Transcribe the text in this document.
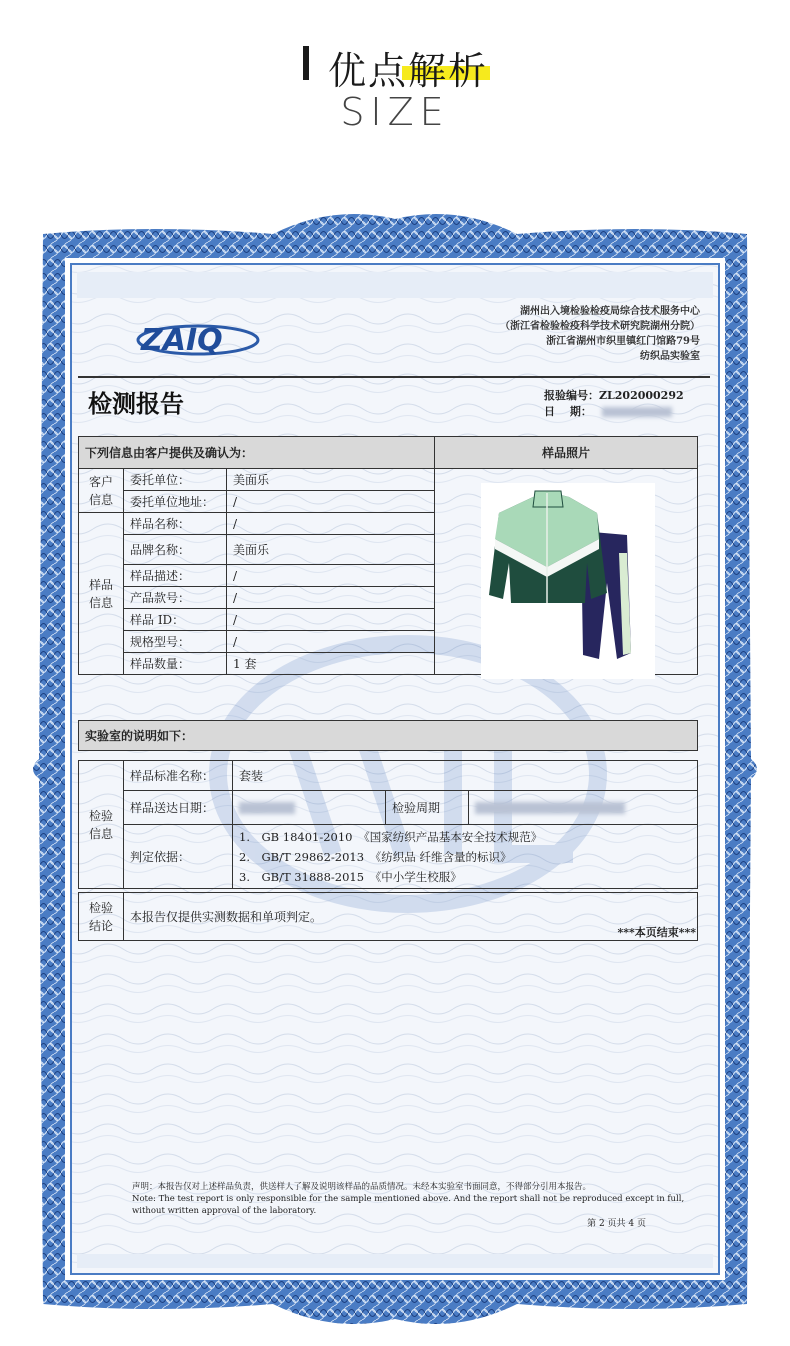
优点解析
SIZE
ZAIQ
湖州出入境检验检疫局综合技术服务中心
（浙江省检验检疫科学技术研究院湖州分院）
浙江省湖州市织里镇红门馆路79号
纺织品实验室
检测报告	报验编号：ZL202000292
日　 期：
下列信息由客户提供及确认为：			样品照片
客户
信息	委托单位：	美面乐	
	委托单位地址：	/	
样品
信息	样品名称：	/	
	品牌名称：	美面乐	
	样品描述：	/	
	产品款号：	/	
	样品 ID：	/	
	规格型号：	/	
	样品数量：	1 套	
实验室的说明如下：				

检验
信息	样品标准名称：	套装		
	样品送达日期：		检验周期	
	判定依据：	1.　GB 18401-2010　《国家纺织产品基本安全技术规范》
2.　GB/T 29862-2013　《纺织品 纤维含量的标识》
3.　GB/T 31888-2015　《中小学生校服》		

检验
结论	本报告仅提供实测数据和单项判定。			
***本页结束***
声明：本报告仅对上述样品负责，供送样人了解及说明该样品的品质情况。未经本实验室书面同意，不得部分引用本报告。
Note: The test report is only responsible for the sample mentioned above. And the report shall not be reproduced except in full, without written approval of the laboratory.
第 2 页共 4 页
